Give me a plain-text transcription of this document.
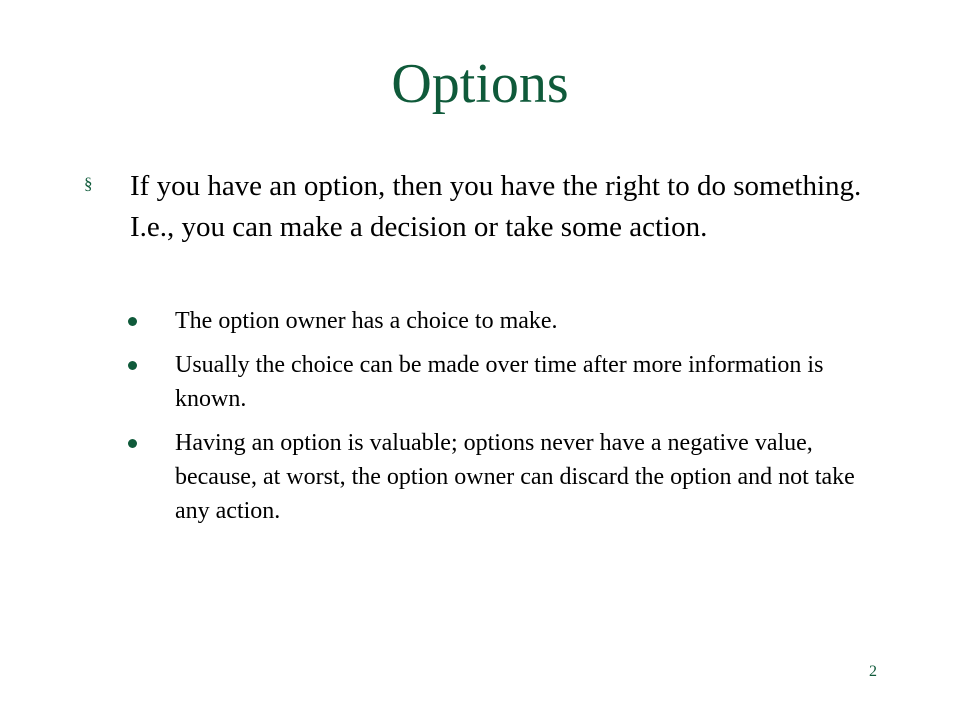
Options
§ If you have an option, then you have the right to do something. I.e., you can make a decision or take some action.
The option owner has a choice to make.
Usually the choice can be made over time after more information is known.
Having an option is valuable; options never have a negative value, because, at worst, the option owner can discard the option and not take any action.
2
